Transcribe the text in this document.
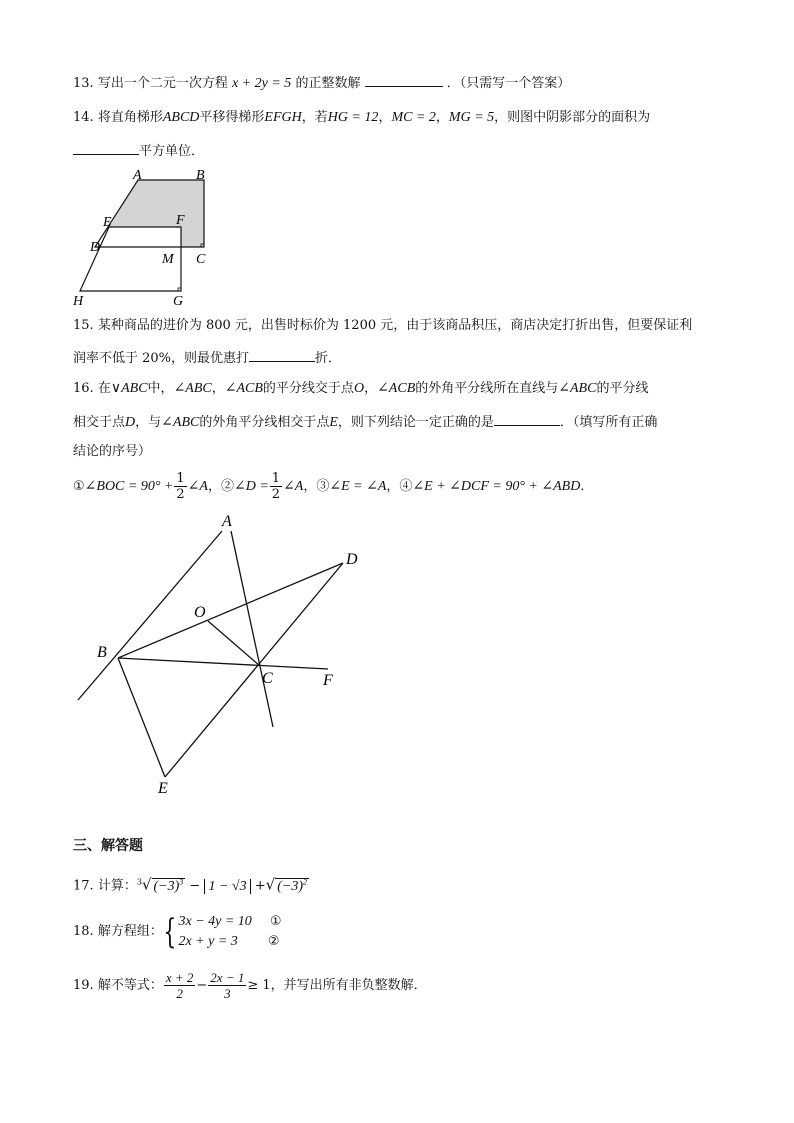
13. 写出一个二元一次方程 x + 2y = 5 的正整数解	．（只需写一个答案）
14. 将直角梯形ABCD平移得梯形EFGH，若HG = 12，MC = 2，MG = 5，则图中阴影部分的面积为
平方单位．
A	B
E	F
D
M C
H	G
15. 某种商品的进价为 800 元，出售时标价为 1200 元，由于该商品积压，商店决定打折出售，但要保证利
润率不低于 20%，则最优惠打	折．
16. 在∨ABC中，∠ABC，∠ACB的平分线交于点O，∠ACB的外角平分线所在直线与∠ABC的平分线
相交于点D，与∠ABC的外角平分线相交于点E，则下列结论一定正确的是	．（填写所有正确
结论的序号）
①∠BOC = $90^\circ + \frac{1}{2}$ ∠A，②∠D = $\frac{1}{2}$ ∠A，③∠E = ∠A，④∠E + ∠DCF = 90° + ∠ABD．
A
D
O
B
C	F
E
三、解答题
17. 计算：$^3$√ $(-3)^3 - 1 - √3$ +√ $(-3)^2$
18. 解方程组：{ 3x − 4y = 10 ①
2x + y = 3 ②
19. 解不等式： $\frac{x + 2}{2} - \frac{2x - 1}{3} \ge 1$，并写出所有非负整数解．
